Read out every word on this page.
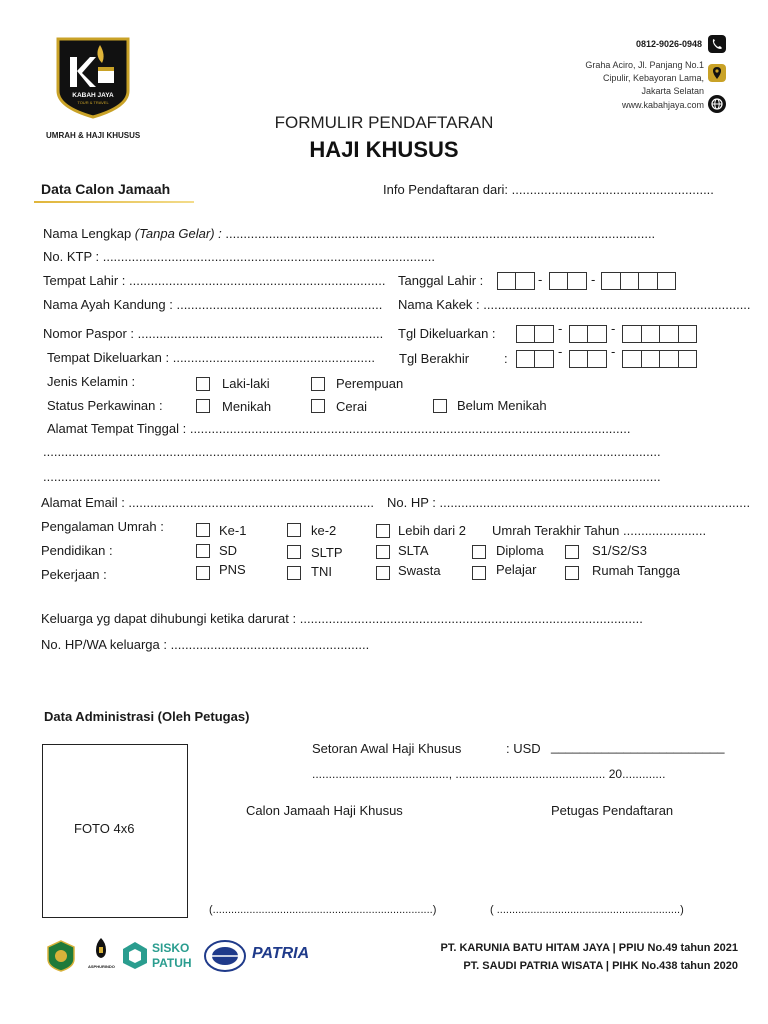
KABAH JAYA
TOUR & TRAVEL
UMRAH & HAJI KHUSUS
0812-9026-0948
Graha Aciro, Jl. Panjang No.1
Cipulir, Kebayoran Lama,
Jakarta Selatan
www.kabahjaya.com
FORMULIR PENDAFTARAN
HAJI KHUSUS
Data Calon Jamaah	Info Pendaftaran dari: ........................................................
Nama Lengkap (Tanpa Gelar) : .......................................................................................................................
No. KTP : ............................................................................................
Tempat Lahir : ....................................................................... Tanggal Lahir :	-	-
Nama Ayah Kandung : ......................................................... Nama Kakek : ..........................................................................
Nomor Paspor : .................................................................... Tgl Dikeluarkan :	-	-
Tempat Dikeluarkan : ........................................................ Tgl Berakhir	:	-	-
Jenis Kelamin :	Laki-laki	Perempuan
Status Perkawinan :	Menikah	Cerai	Belum Menikah
Alamat Tempat Tinggal : ..........................................................................................................................
...........................................................................................................................................................................
...........................................................................................................................................................................
Alamat Email : .................................................................... No. HP : ......................................................................................
Pengalaman Umrah :	Ke-1	ke-2	Lebih dari 2 Umrah Terakhir Tahun .......................
Pendidikan :	SD	SLTP	SLTA	Diploma	S1/S2/S3
Pekerjaan :	PNS	TNI	Swasta	Pelajar	Rumah Tangga
Keluarga yg dapat dihubungi ketika darurat : ...............................................................................................
No. HP/WA keluarga : .......................................................
Data Administrasi (Oleh Petugas)
FOTO 4x6
Setoran Awal Haji Khusus	: USD ________________________
........................................., ............................................. 20.............
Calon Jamaah Haji Khusus	Petugas Pendaftaran
(........................................................................)	( ............................................................)
ASPHURINDO
SISKO
PATUH
PATRIA	PT. KARUNIA BATU HITAM JAYA | PPIU No.49 tahun 2021
PT. SAUDI PATRIA WISATA | PIHK No.438 tahun 2020
